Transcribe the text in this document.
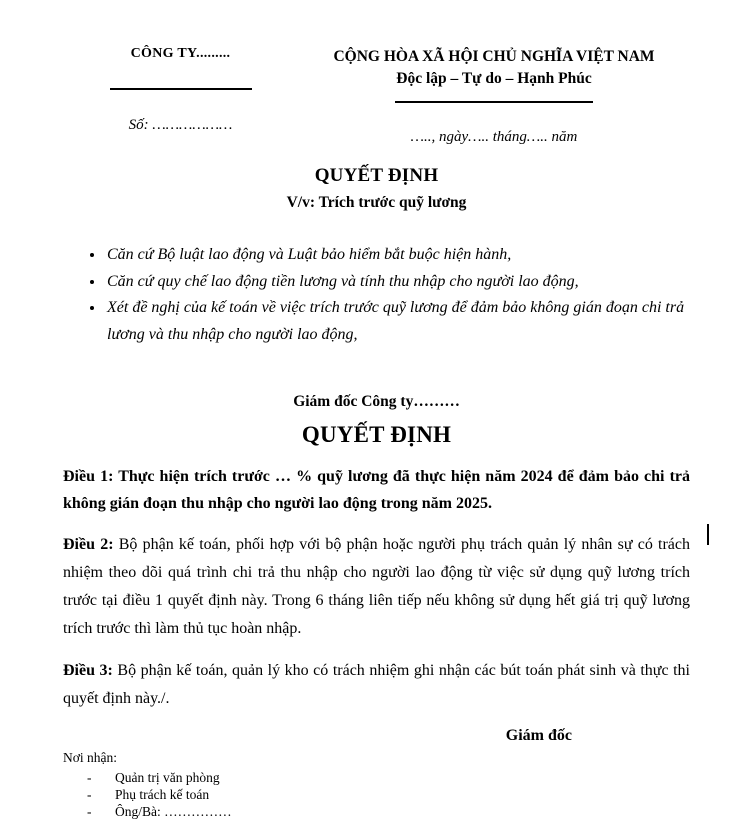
CÔNG TY.........
Số: ………………
CỘNG HÒA XÃ HỘI CHỦ NGHĨA VIỆT NAM
Độc lập – Tự do – Hạnh Phúc
….., ngày….. tháng….. năm
QUYẾT ĐỊNH
V/v: Trích trước quỹ lương
• Căn cứ Bộ luật lao động và Luật bảo hiểm bắt buộc hiện hành,
• Căn cứ quy chế lao động tiền lương và tính thu nhập cho người lao động,
• Xét đề nghị của kế toán về việc trích trước quỹ lương để đảm bảo không gián đoạn chi trả lương và thu nhập cho người lao động,
Giám đốc Công ty………
QUYẾT ĐỊNH

Điều 1: Thực hiện trích trước … % quỹ lương đã thực hiện năm 2024 để đảm bảo chi trả không gián đoạn thu nhập cho người lao động trong năm 2025.

Điều 2: Bộ phận kế toán, phối hợp với bộ phận hoặc người phụ trách quản lý nhân sự có trách nhiệm theo dõi quá trình chi trả thu nhập cho người lao động từ việc sử dụng quỹ lương trích trước tại điều 1 quyết định này. Trong 6 tháng liên tiếp nếu không sử dụng hết giá trị quỹ lương trích trước thì làm thủ tục hoàn nhập.

Điều 3: Bộ phận kế toán, quản lý kho có trách nhiệm ghi nhận các bút toán phát sinh và thực thi quyết định này./.

Giám đốc
Nơi nhận:
-	Quản trị văn phòng
-	Phụ trách kế toán
-	Ông/Bà: ……………
